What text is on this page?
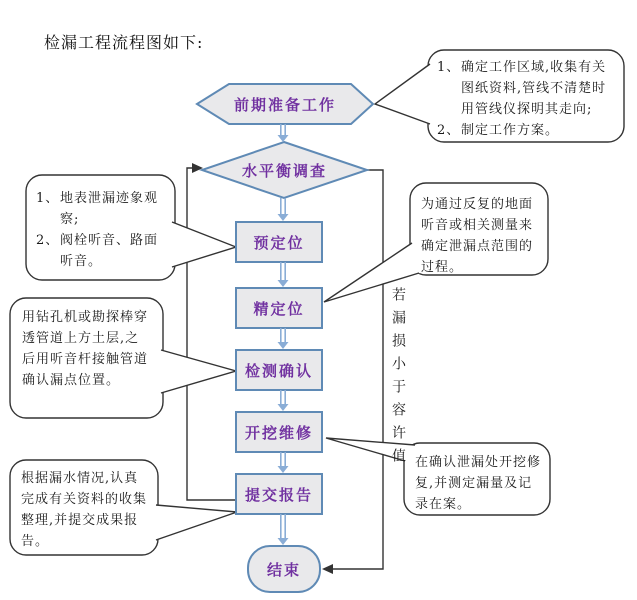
检漏工程流程图如下:
前期准备工作
水平衡调查
预定位
精定位
检测确认
开挖维修
提交报告
结束
若漏损小于容许值
1、 确定工作区域,收集有关图纸资料,管线不清楚时用管线仪探明其走向;
2、 制定工作方案。
1、 地表泄漏迹象观察;
2、 阀栓听音、路面听音。
为通过反复的地面听音或相关测量来确定泄漏点范围的过程。
用钻孔机或勘探棒穿透管道上方土层,之后用听音杆接触管道确认漏点位置。
根据漏水情况,认真完成有关资料的收集整理,并提交成果报告。
在确认泄漏处开挖修复,并测定漏量及记录在案。
